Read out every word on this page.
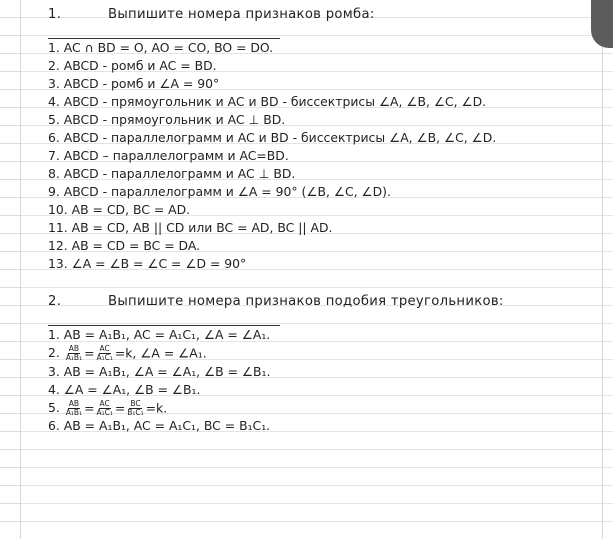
1.	Выпишите номера признаков ромба:
1. AC ∩ BD = O, AO = CO, BO = DO.
2. ABCD - ромб и AC = BD.
3. ABCD - ромб и ∠A = 90°
4. ABCD - прямоугольник и AC и BD - биссектрисы ∠A, ∠B, ∠C, ∠D.
5. ABCD - прямоугольник и AC ⊥ BD.
6. ABCD - параллелограмм и AC и BD - биссектрисы ∠A, ∠B, ∠C, ∠D.
7. ABCD – параллелограмм и AC=BD.
8. ABCD - параллелограмм и AC ⊥ BD.
9. ABCD - параллелограмм и ∠A = 90° (∠B, ∠C, ∠D).
10. AB = CD, BC = AD.
11. AB = CD, AB || CD или BC = AD, BC || AD.
12. AB = CD = BC = DA.
13. ∠A = ∠B = ∠C = ∠D = 90°
2.	Выпишите номера признаков подобия треугольников:
1. AB = A₁B₁, AC = A₁C₁, ∠A = ∠A₁.
2. $\frac{AB}{\text{A₁B₁}} = \frac{AC}{\text{A₁C₁}} =k$, ∠A = ∠A₁.
3. AB = A₁B₁, ∠A = ∠A₁, ∠B = ∠B₁.
4. ∠A = ∠A₁, ∠B = ∠B₁.
5. $\frac{AB}{\text{A₁B₁}} = \frac{AC}{\text{A₁C₁}} = \frac{BC}{\text{B₁C₁}} =k$.
6. AB = A₁B₁, AC = A₁C₁, BC = B₁C₁.
